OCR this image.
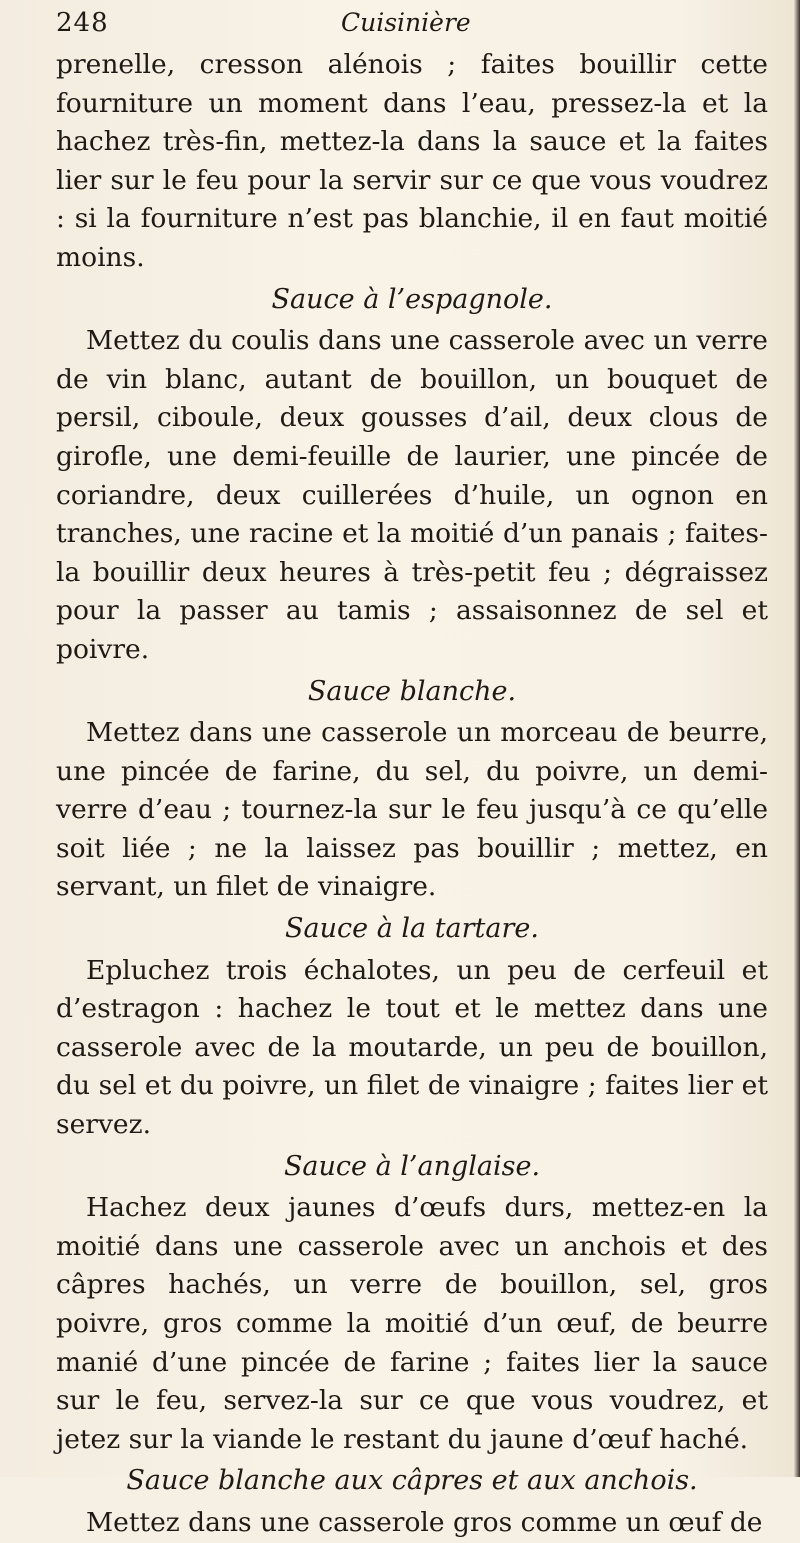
248	Cuisinière

prenelle, cresson alénois ; faites bouillir cette fourniture un moment dans l’eau, pressez-la et la hachez très-fin, mettez-la dans la sauce et la faites lier sur le feu pour la servir sur ce que vous voudrez : si la fourniture n’est pas blanchie, il en faut moitié moins.

Sauce à l’espagnole.

Mettez du coulis dans une casserole avec un verre de vin blanc, autant de bouillon, un bouquet de persil, ciboule, deux gousses d’ail, deux clous de girofle, une demi-feuille de laurier, une pincée de coriandre, deux cuillerées d’huile, un ognon en tranches, une racine et la moitié d’un panais ; faites-la bouillir deux heures à très-petit feu ; dégraissez pour la passer au tamis ; assaisonnez de sel et poivre.

Sauce blanche.

Mettez dans une casserole un morceau de beurre, une pincée de farine, du sel, du poivre, un demi-verre d’eau ; tournez-la sur le feu jusqu’à ce qu’elle soit liée ; ne la laissez pas bouillir ; mettez, en servant, un filet de vinaigre.

Sauce à la tartare.

Epluchez trois échalotes, un peu de cerfeuil et d’estragon : hachez le tout et le mettez dans une casserole avec de la moutarde, un peu de bouillon, du sel et du poivre, un filet de vinaigre ; faites lier et servez.

Sauce à l’anglaise.

Hachez deux jaunes d’œufs durs, mettez-en la moitié dans une casserole avec un anchois et des câpres hachés, un verre de bouillon, sel, gros poivre, gros comme la moitié d’un œuf, de beurre manié d’une pincée de farine ; faites lier la sauce sur le feu, servez-la sur ce que vous voudrez, et jetez sur la viande le restant du jaune d’œuf haché.

Sauce blanche aux câpres et aux anchois.

Mettez dans une casserole gros comme un œuf de
